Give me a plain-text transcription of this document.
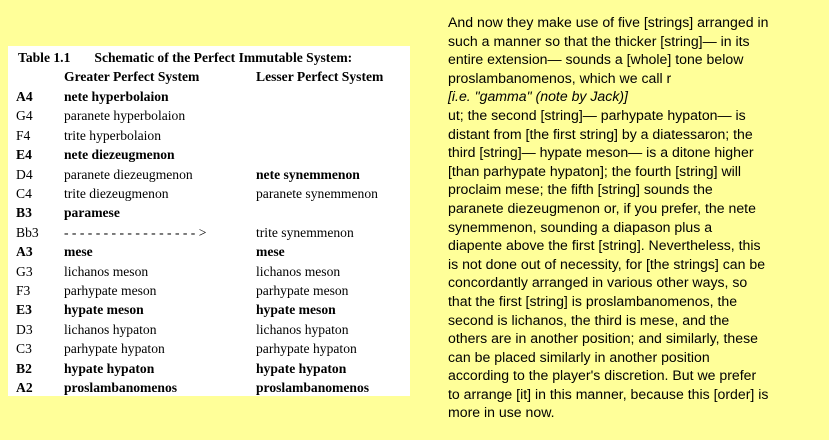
Table 1.1 Schematic of the Perfect Immutable System:
Greater Perfect System	Lesser Perfect System
A4 nete hyperbolaion
G4 paranete hyperbolaion
F4 trite hyperbolaion
E4 nete diezeugmenon
D4 paranete diezeugmenon	nete synemmenon
C4 trite diezeugmenon	paranete synemmenon
B3 paramese
Bb3 - - - - - - - - - - - - - - - - - >	trite synemmenon
A3 mese	mese
G3 lichanos meson	lichanos meson
F3 parhypate meson	parhypate meson
E3 hypate meson	hypate meson
D3 lichanos hypaton	lichanos hypaton
C3 parhypate hypaton	parhypate hypaton
B2 hypate hypaton	hypate hypaton
A2 proslambanomenos	proslambanomenos
And now they make use of five [strings] arranged in
such a manner so that the thicker [string]— in its
entire extension— sounds a [whole] tone below
proslambanomenos, which we call r
[i.e. "gamma" (note by Jack)]
ut; the second [string]— parhypate hypaton— is
distant from [the first string] by a diatessaron; the
third [string]— hypate meson— is a ditone higher
[than parhypate hypaton]; the fourth [string] will
proclaim mese; the fifth [string] sounds the
paranete diezeugmenon or, if you prefer, the nete
synemmenon, sounding a diapason plus a
diapente above the first [string]. Nevertheless, this
is not done out of necessity, for [the strings] can be
concordantly arranged in various other ways, so
that the first [string] is proslambanomenos, the
second is lichanos, the third is mese, and the
others are in another position; and similarly, these
can be placed similarly in another position
according to the player's discretion. But we prefer
to arrange [it] in this manner, because this [order] is
more in use now.
